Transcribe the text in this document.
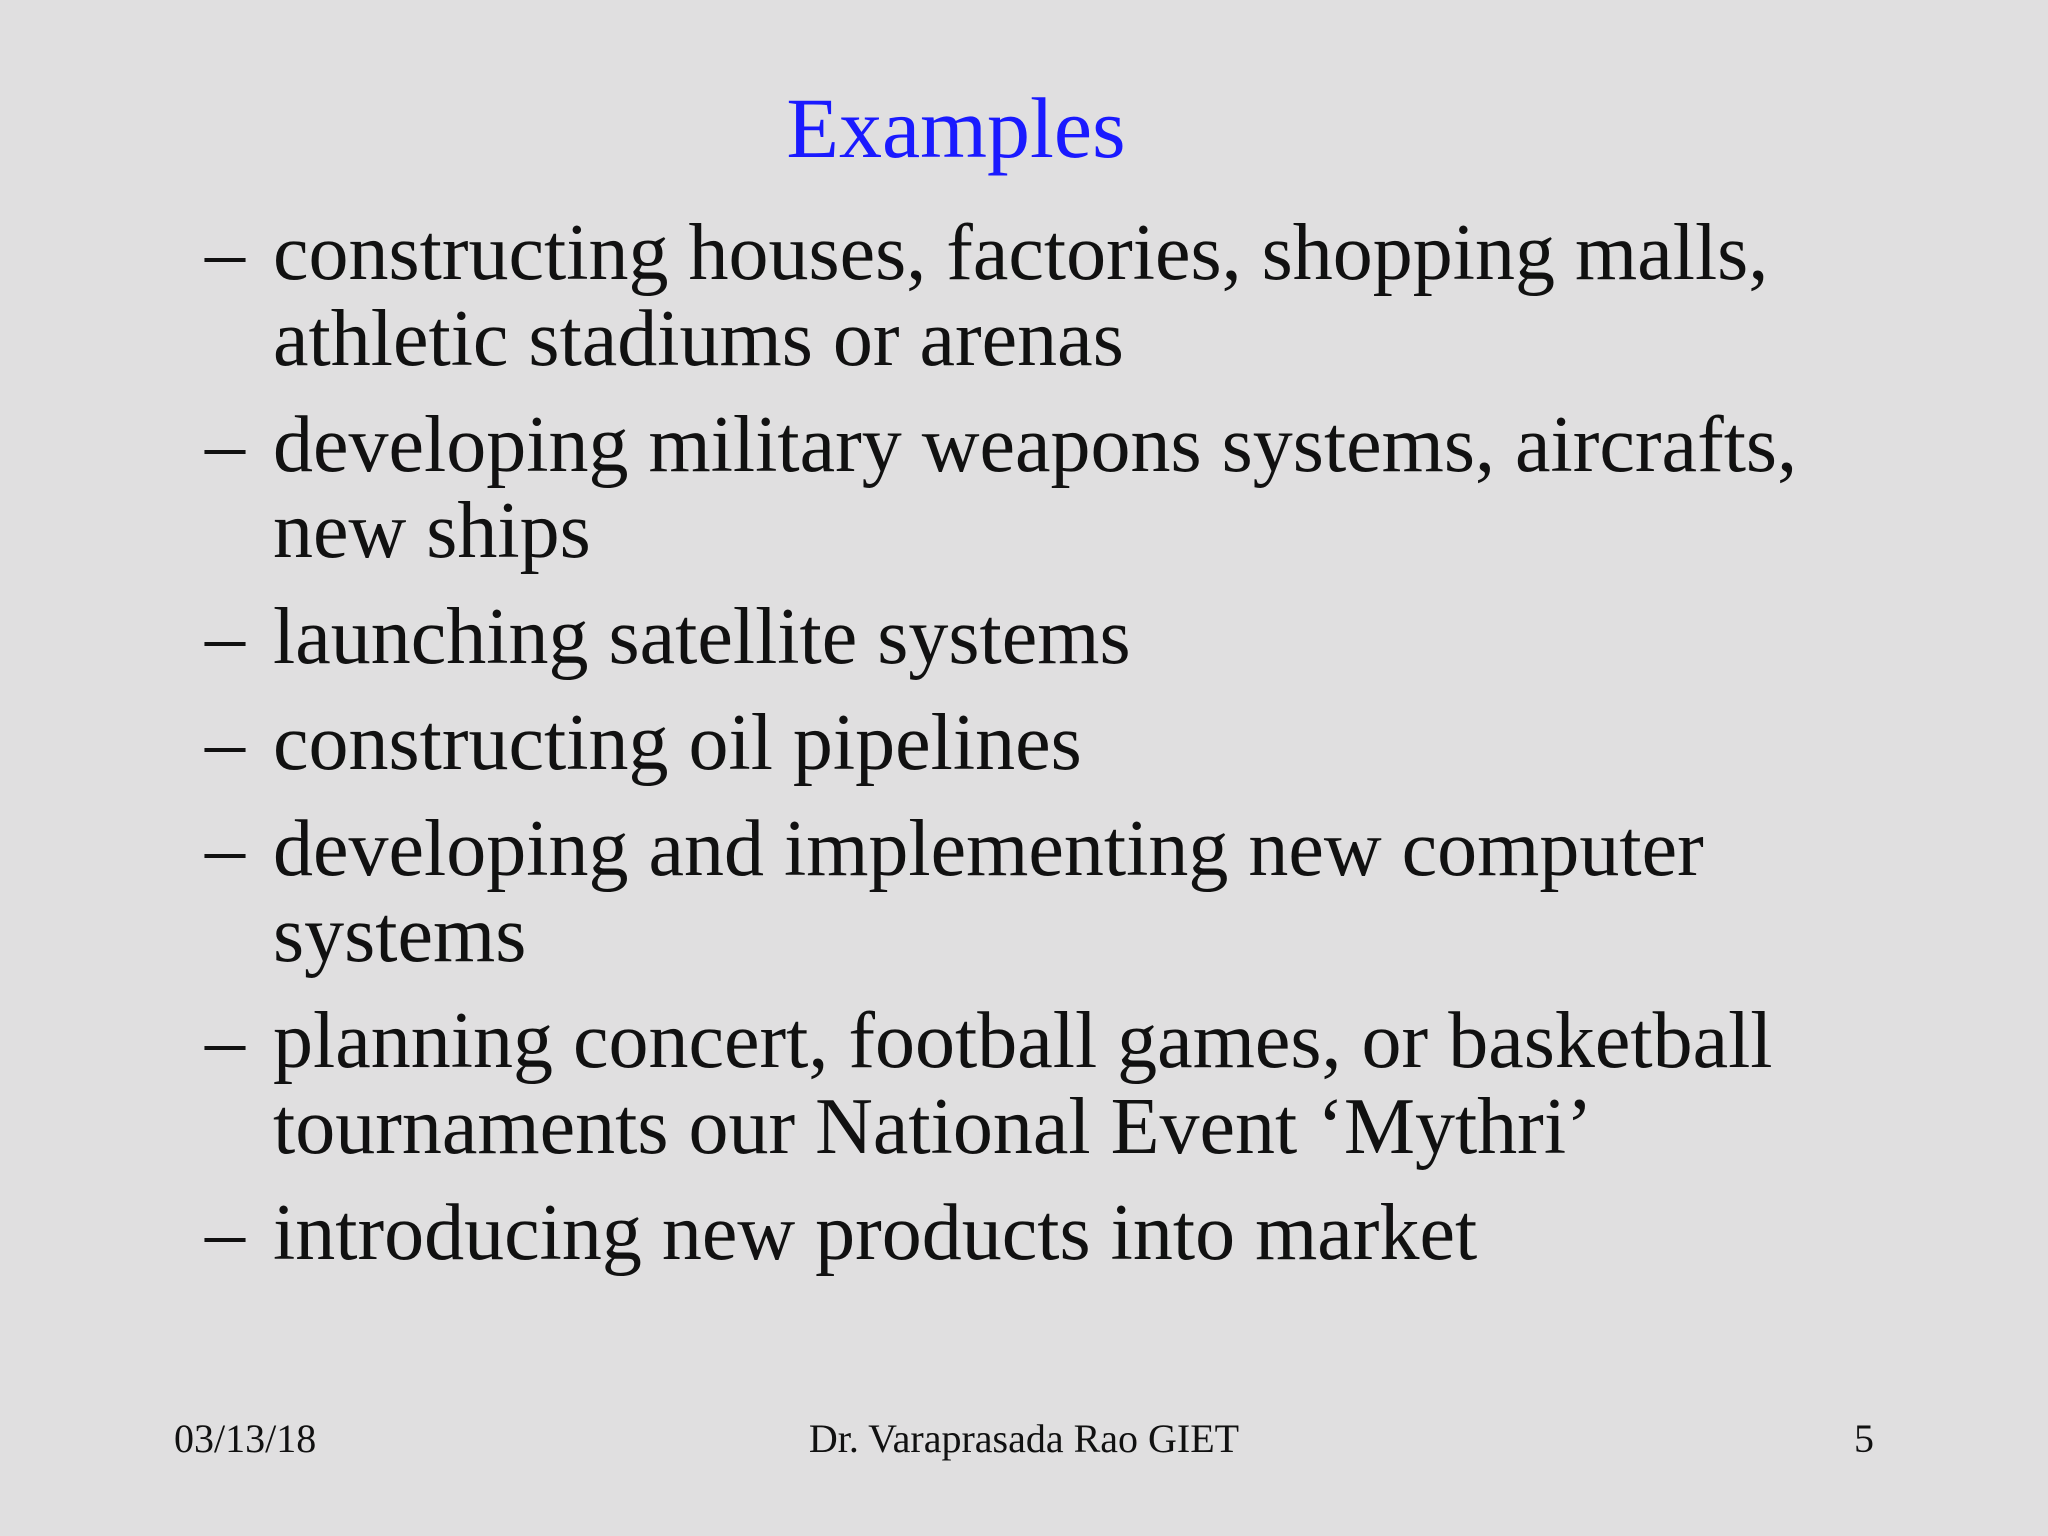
Examples
– constructing houses, factories, shopping malls, athletic stadiums or arenas
– developing military weapons systems, aircrafts, new ships
– launching satellite systems
– constructing oil pipelines
– developing and implementing new computer systems
– planning concert, football games, or basketball tournaments our National Event ‘Mythri’
– introducing new products into market
03/13/18	Dr. Varaprasada Rao GIET	5
